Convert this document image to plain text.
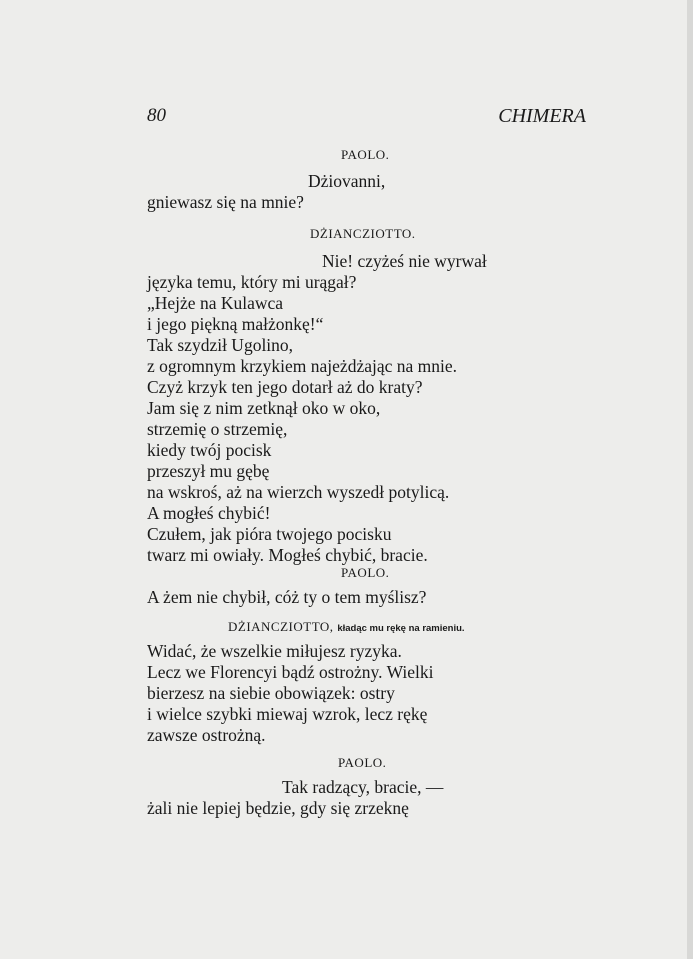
80	CHIMERA
PAOLO.
Dżiovanni,
gniewasz się na mnie?
DŻIANCZIOTTO.
Nie! czyżeś nie wyrwał
języka temu, który mi urągał?
„Hejże na Kulawca
i jego piękną małżonkę!“
Tak szydził Ugolino,
z ogromnym krzykiem najeżdżając na mnie.
Czyż krzyk ten jego dotarł aż do kraty?
Jam się z nim zetknął oko w oko,
strzemię o strzemię,
kiedy twój pocisk
przeszył mu gębę
na wskroś, aż na wierzch wyszedł potylicą.
A mogłeś chybić!
Czułem, jak pióra twojego pocisku
twarz mi owiały. Mogłeś chybić, bracie.
PAOLO.
A żem nie chybił, cóż ty o tem myślisz?
DŻIANCZIOTTO, kładąc mu rękę na ramieniu.
Widać, że wszelkie miłujesz ryzyka.
Lecz we Florencyi bądź ostrożny. Wielki
bierzesz na siebie obowiązek: ostry
i wielce szybki miewaj wzrok, lecz rękę
zawsze ostrożną.
PAOLO.
Tak radzący, bracie, —
żali nie lepiej będzie, gdy się zrzeknę
